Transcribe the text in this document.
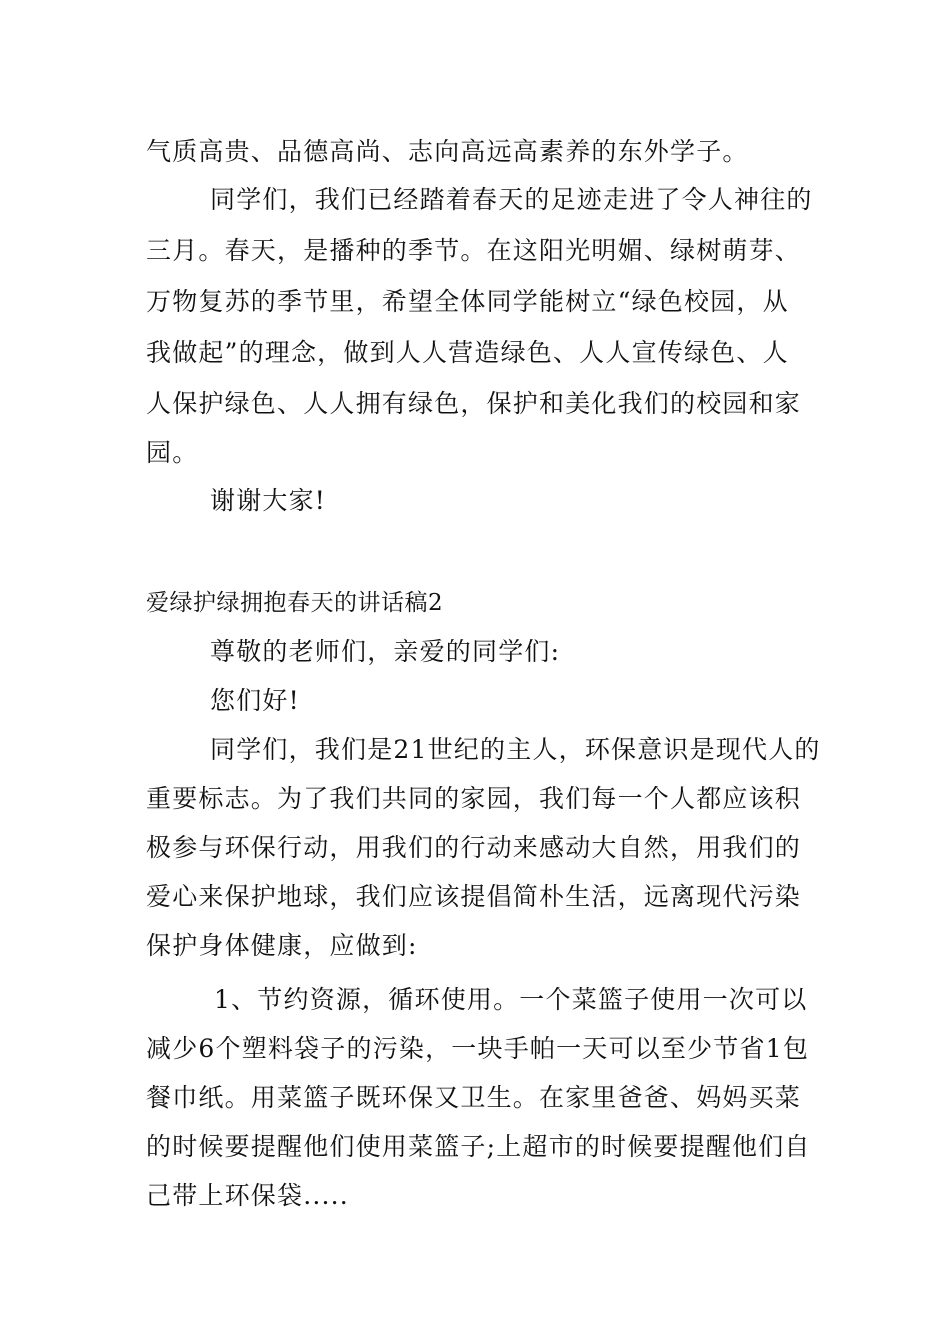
气质高贵、品德高尚、志向高远高素养的东外学子。
同学们，我们已经踏着春天的足迹走进了令人神往的
三月。春天，是播种的季节。在这阳光明媚、绿树萌芽、
万物复苏的季节里，希望全体同学能树立“绿色校园，从
我做起”的理念，做到人人营造绿色、人人宣传绿色、人
人保护绿色、人人拥有绿色，保护和美化我们的校园和家
园。
谢谢大家!
爱绿护绿拥抱春天的讲话稿2
尊敬的老师们，亲爱的同学们:
您们好!
同学们，我们是21世纪的主人，环保意识是现代人的
重要标志。为了我们共同的家园，我们每一个人都应该积
极参与环保行动，用我们的行动来感动大自然，用我们的
爱心来保护地球，我们应该提倡简朴生活，远离现代污染
保护身体健康，应做到:
1、节约资源，循环使用。一个菜篮子使用一次可以
减少6个塑料袋子的污染，一块手帕一天可以至少节省1包
餐巾纸。用菜篮子既环保又卫生。在家里爸爸、妈妈买菜
的时候要提醒他们使用菜篮子;上超市的时候要提醒他们自
己带上环保袋.....
